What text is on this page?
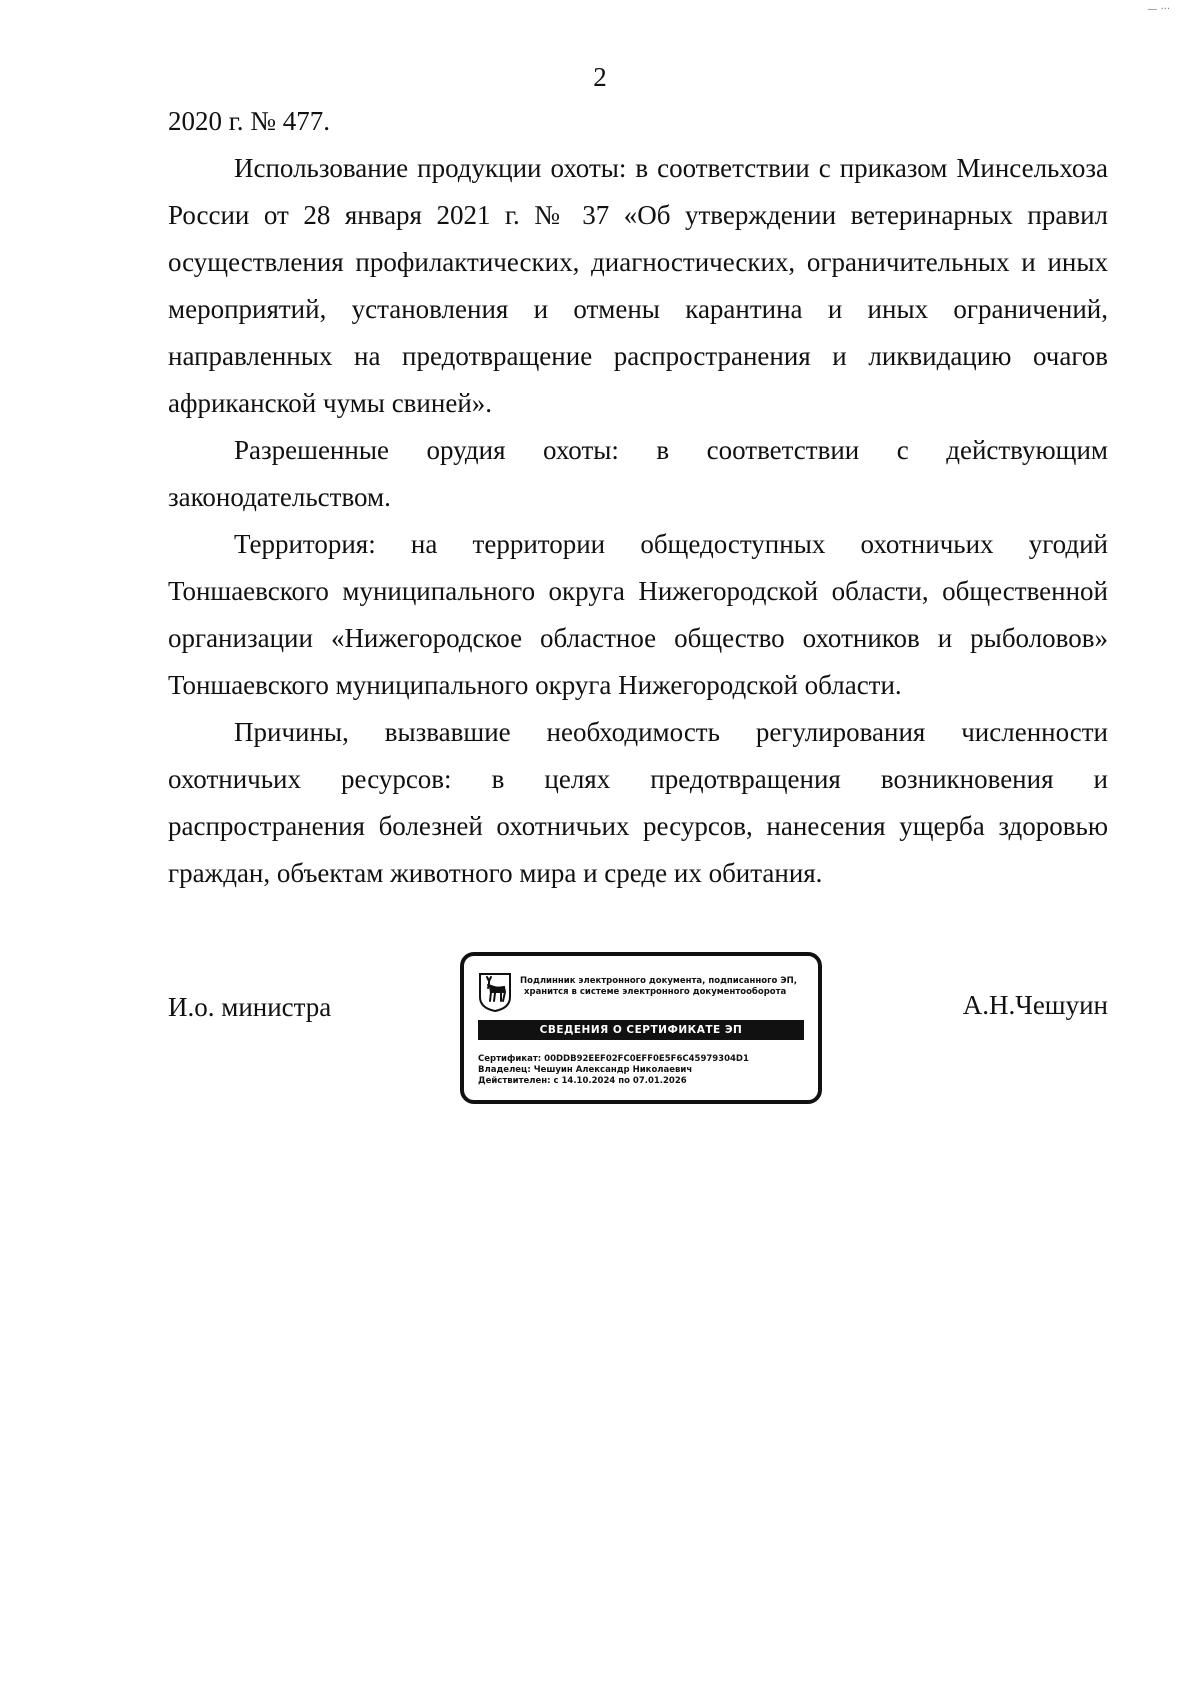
— ···
2

2020 г. № 477.

Использование продукции охоты: в соответствии с приказом Минсельхоза России от 28 января 2021 г. № 37 «Об утверждении ветеринарных правил осуществления профилактических, диагностических, ограничительных и иных мероприятий, установления и отмены карантина и иных ограничений, направленных на предотвращение распространения и ликвидацию очагов африканской чумы свиней».

Разрешенные орудия охоты: в соответствии с действующим законодательством.

Территория: на территории общедоступных охотничьих угодий Тоншаевского муниципального округа Нижегородской области, общественной организации «Нижегородское областное общество охотников и рыболовов» Тоншаевского муниципального округа Нижегородской области.

Причины, вызвавшие необходимость регулирования численности

охотничьих ресурсов: в целях предотвращения возникновения и

распространения болезней охотничьих ресурсов, нанесения ущерба здоровью граждан, объектам животного мира и среде их обитания.

И.о. министра	А.Н.Чешуин
Подлинник электронного документа, подписанного ЭП,
хранится в системе электронного документооборота
СВЕДЕНИЯ О СЕРТИФИКАТЕ ЭП
Сертификат: 00DDB92EEF02FC0EFF0E5F6C45979304D1
Владелец: Чешуин Александр Николаевич
Действителен: с 14.10.2024 по 07.01.2026
